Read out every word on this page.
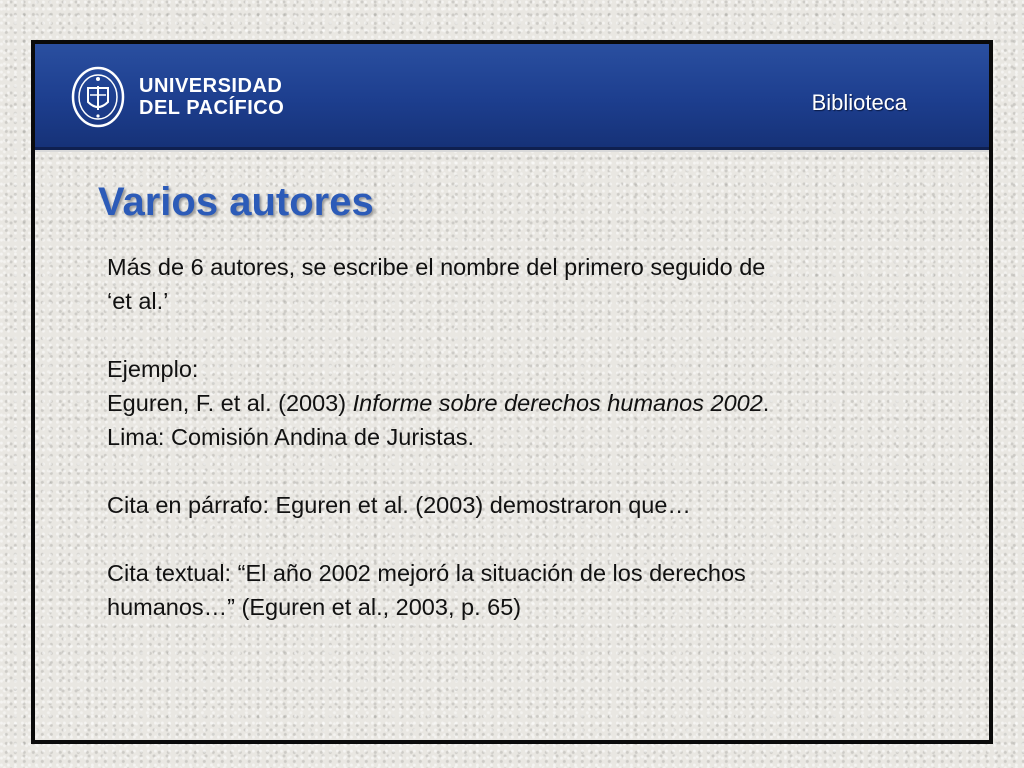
UNIVERSIDAD
DEL PACÍFICO	Biblioteca
Varios autores

Más de 6 autores, se escribe el nombre del primero seguido de

‘et al.’

Ejemplo:

Eguren, F. et al. (2003) Informe sobre derechos humanos 2002.

Lima: Comisión Andina de Juristas.

Cita en párrafo: Eguren et al. (2003) demostraron que…

Cita textual: “El año 2002 mejoró la situación de los derechos

humanos…” (Eguren et al., 2003, p. 65)
